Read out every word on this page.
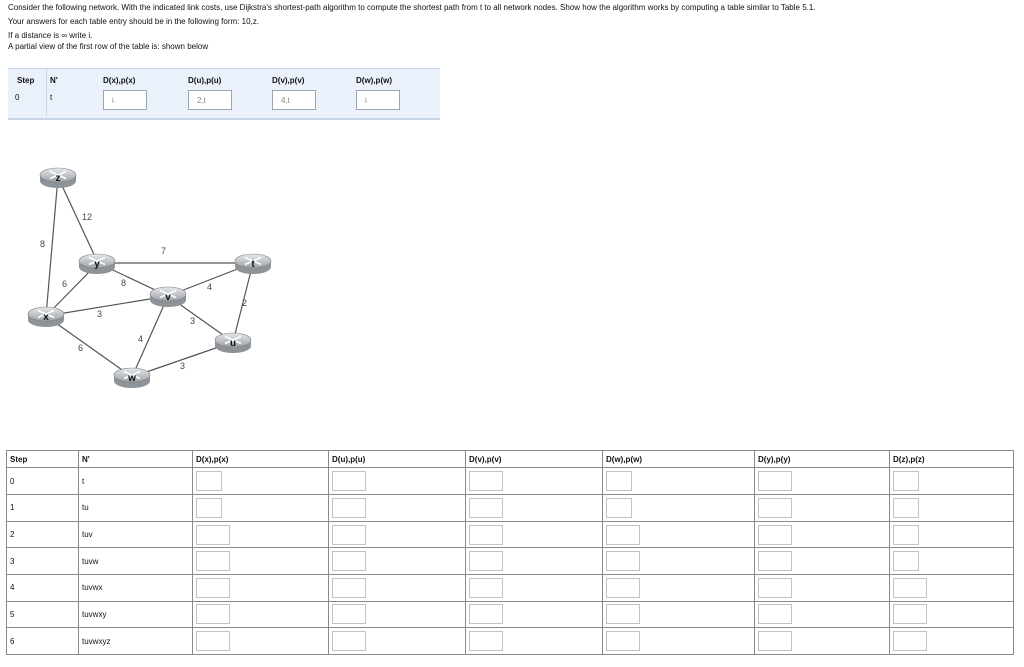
Consider the following network. With the indicated link costs, use Dijkstra's shortest-path algorithm to compute the shortest path from t to all network nodes. Show how the algorithm works by computing a table similar to Table 5.1.

Your answers for each table entry should be in the following form: 10,z.

If a distance is ∞ write i.

A partial view of the first row of the table is: shown below

Step N'	D(x),p(x)	D(u),p(u)	D(v),p(v)	D(w),p(w)
0	t	i	2,t	4,t	i
12
8
6
3
6
8
7
4
4
3
2
3
z
y
x
v
t
u
w
Step	N'	D(x),p(x)	D(u),p(u)	D(v),p(v)	D(w),p(w)	D(y),p(y)	D(z),p(z)
0	t	

1	tu	

2	tuv	

3	tuvw	

4	tuvwx	

5	tuvwxy	

6	tuvwxyz	
